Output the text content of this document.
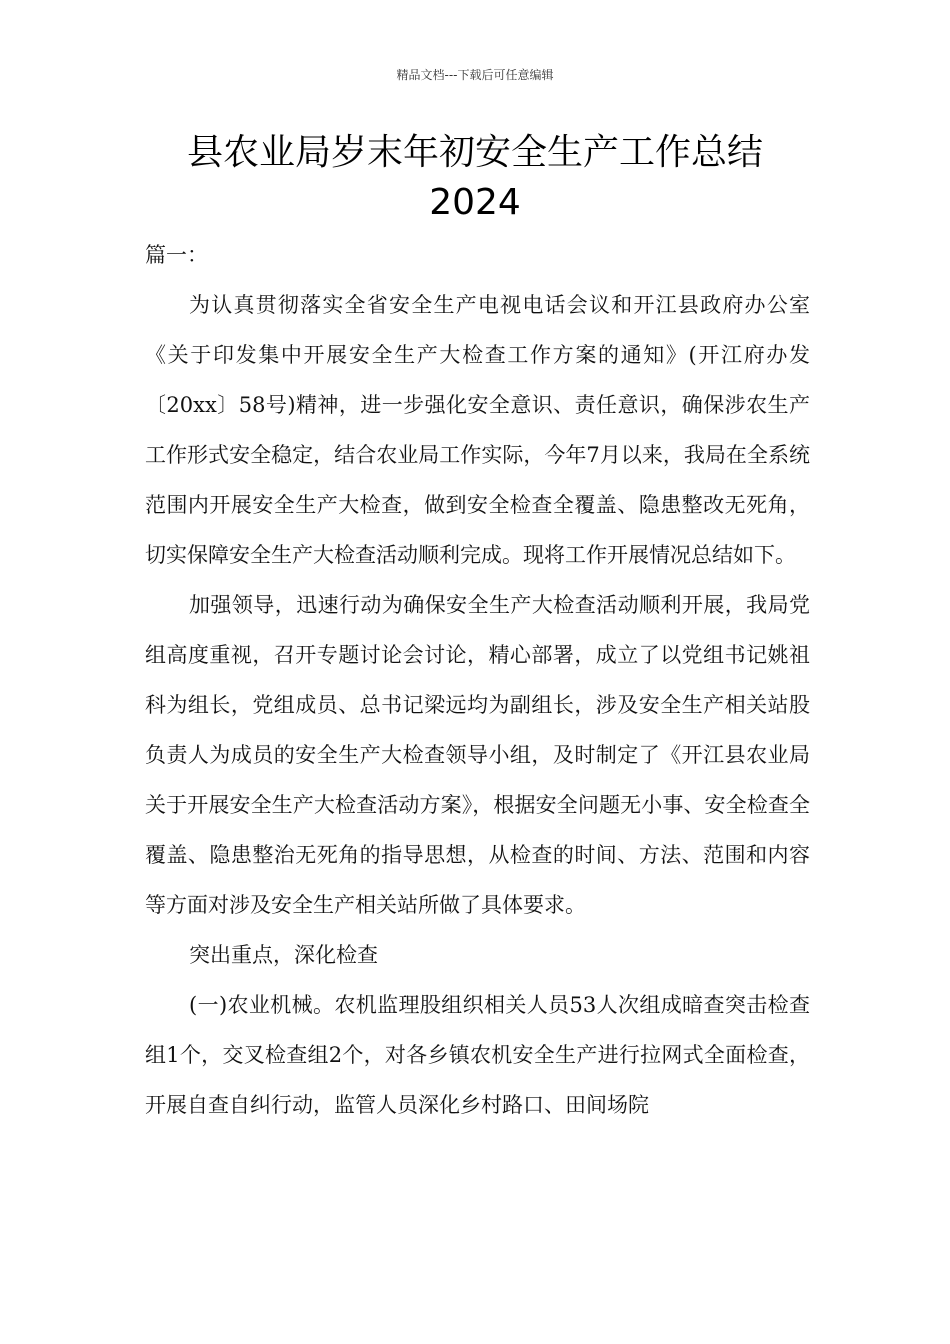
精品文档---下载后可任意编辑
县农业局岁末年初安全生产工作总结
2024

篇一：

为认真贯彻落实全省安全生产电视电话会议和开江县政府办公室《关于印发集中开展安全生产大检查工作方案的通知》(开江府办发〔20xx〕58号)精神，进一步强化安全意识、责任意识，确保涉农生产工作形式安全稳定，结合农业局工作实际，今年7月以来，我局在全系统范围内开展安全生产大检查，做到安全检查全覆盖、隐患整改无死角，切实保障安全生产大检查活动顺利完成。现将工作开展情况总结如下。

加强领导，迅速行动为确保安全生产大检查活动顺利开展，我局党组高度重视，召开专题讨论会讨论，精心部署，成立了以党组书记姚祖科为组长，党组成员、总书记梁远均为副组长，涉及安全生产相关站股负责人为成员的安全生产大检查领导小组，及时制定了《开江县农业局关于开展安全生产大检查活动方案》，根据安全问题无小事、安全检查全覆盖、隐患整治无死角的指导思想，从检查的时间、方法、范围和内容等方面对涉及安全生产相关站所做了具体要求。

突出重点，深化检查

(一)农业机械。农机监理股组织相关人员53人次组成暗查突击检查组1个，交叉检查组2个，对各乡镇农机安全生产进行拉网式全面检查，开展自查自纠行动，监管人员深化乡村路口、田间场院
